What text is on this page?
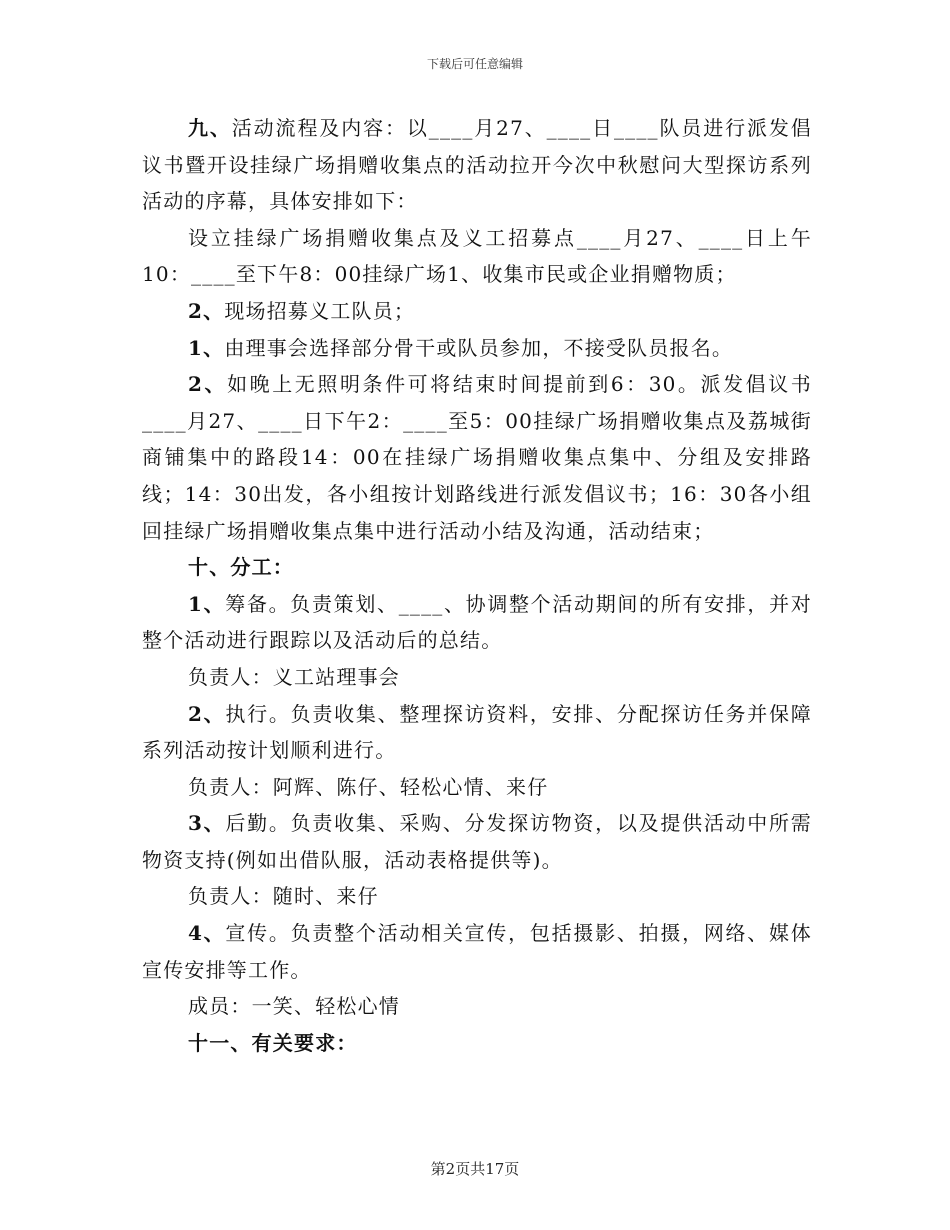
下载后可任意编辑

九、活动流程及内容：以____月27、____日____队员进行派发倡议书暨开设挂绿广场捐赠收集点的活动拉开今次中秋慰问大型探访系列活动的序幕，具体安排如下：

设立挂绿广场捐赠收集点及义工招募点____月27、____日上午10：____至下午8：00挂绿广场1、收集市民或企业捐赠物质；

2、现场招募义工队员；

1、由理事会选择部分骨干或队员参加，不接受队员报名。

2、如晚上无照明条件可将结束时间提前到6：30。派发倡议书____月27、____日下午2：____至5：00挂绿广场捐赠收集点及荔城街商铺集中的路段14：00在挂绿广场捐赠收集点集中、分组及安排路线；14：30出发，各小组按计划路线进行派发倡议书；16：30各小组回挂绿广场捐赠收集点集中进行活动小结及沟通，活动结束；

十、分工：

1、筹备。负责策划、____、协调整个活动期间的所有安排，并对整个活动进行跟踪以及活动后的总结。

负责人：义工站理事会

2、执行。负责收集、整理探访资料，安排、分配探访任务并保障系列活动按计划顺利进行。

负责人：阿辉、陈仔、轻松心情、来仔

3、后勤。负责收集、采购、分发探访物资，以及提供活动中所需物资支持(例如出借队服，活动表格提供等)。

负责人：随时、来仔

4、宣传。负责整个活动相关宣传，包括摄影、拍摄，网络、媒体宣传安排等工作。

成员：一笑、轻松心情

十一、有关要求：

第2页共17页
